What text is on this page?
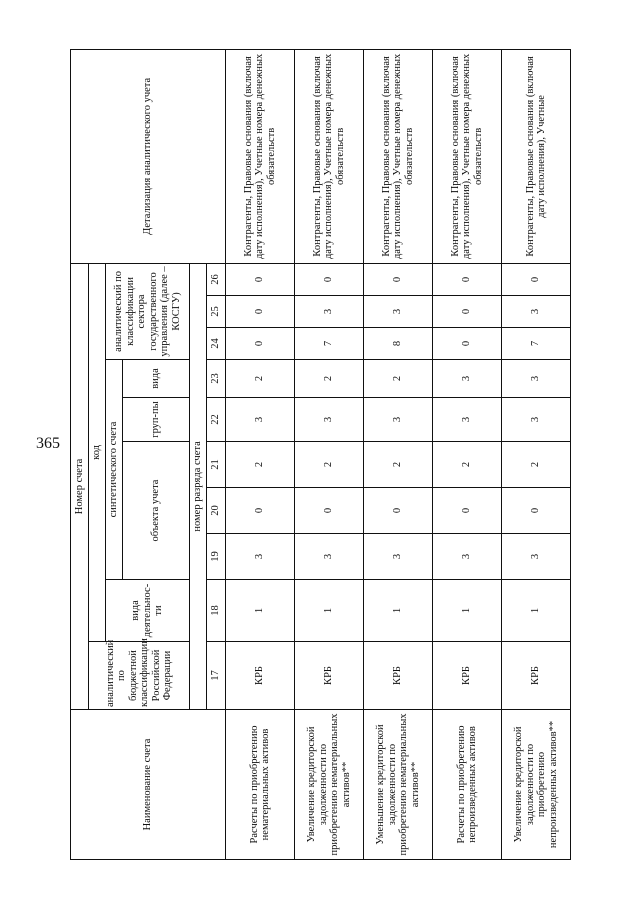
365
Наименование счета	Номер счета										Детализация аналитического учета
	аналитический по бюджетной классификации Российской Федерации	код									
		вида деятельнос-ти	синтетического счета					аналитический по классификации сектора государственного управления (далее – КОСГУ)			
			объекта учета			груп-пы	вида				
	номер разряда счета										
	17	18	19	20	21	22	23	24	25	26	
Расчеты по приобретению нематериальных активов	КРБ	1	3	0	2	3	2	0	0	0	Контрагенты, Правовые основания (включая дату исполнения), Учетные номера денежных обязательств
Увеличение кредиторской задолженности по приобретению нематериальных активов**	КРБ	1	3	0	2	3	2	7	3	0	Контрагенты, Правовые основания (включая дату исполнения), Учетные номера денежных обязательств
Уменьшение кредиторской задолженности по приобретению нематериальных активов**	КРБ	1	3	0	2	3	2	8	3	0	Контрагенты, Правовые основания (включая дату исполнения), Учетные номера денежных обязательств
Расчеты по приобретению непроизведенных активов	КРБ	1	3	0	2	3	3	0	0	0	Контрагенты, Правовые основания (включая дату исполнения), Учетные номера денежных обязательств
Увеличение кредиторской задолженности по приобретению непроизведенных активов**	КРБ	1	3	0	2	3	3	7	3	0	Контрагенты, Правовые основания (включая дату исполнения), Учетные
